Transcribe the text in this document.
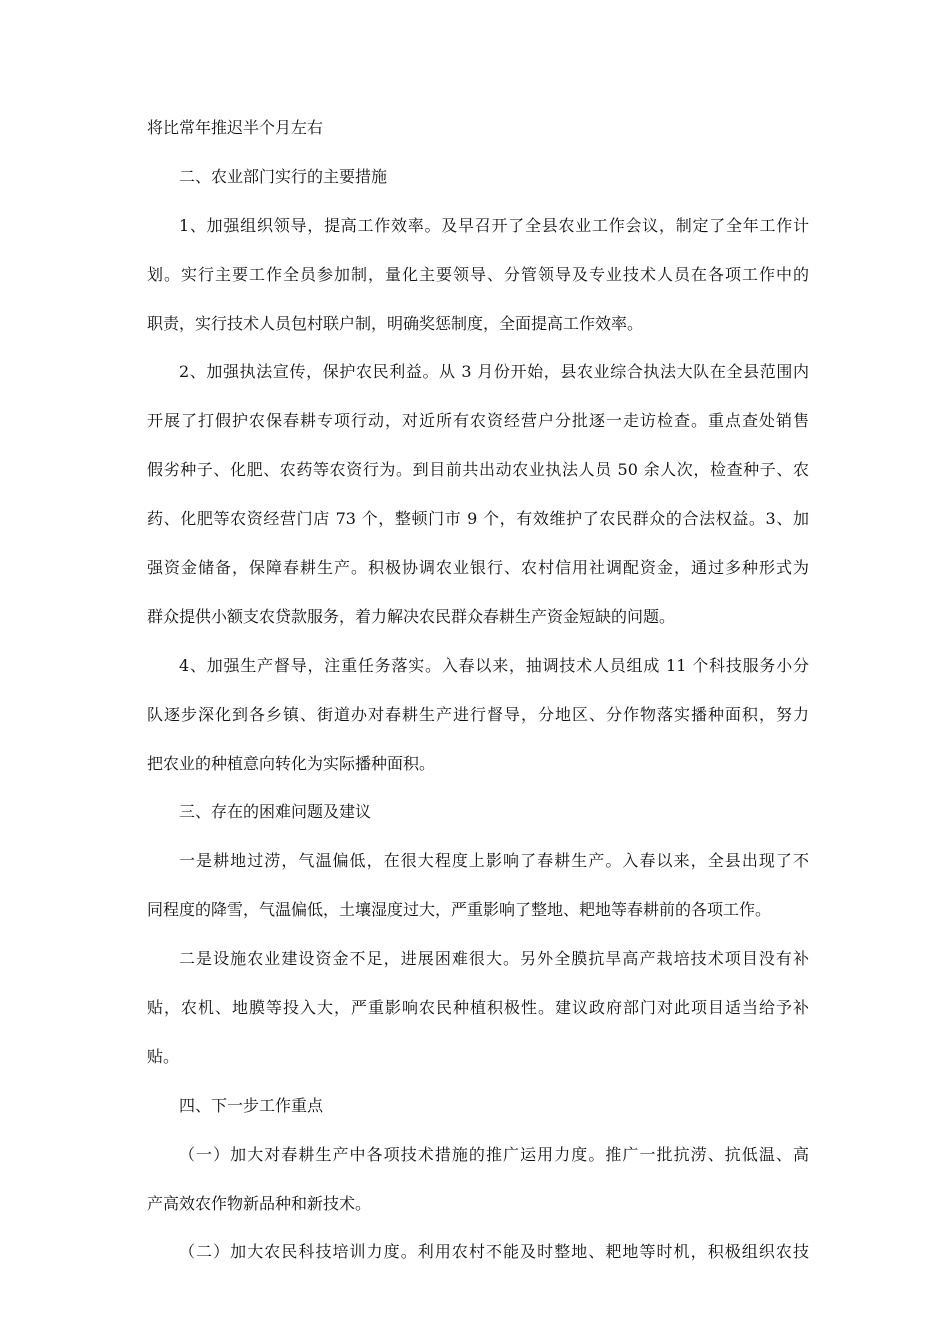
将比常年推迟半个月左右
二、农业部门实行的主要措施
1、加强组织领导，提高工作效率。及早召开了全县农业工作会议，制定了全年工作计
划。实行主要工作全员参加制，量化主要领导、分管领导及专业技术人员在各项工作中的
职责，实行技术人员包村联户制，明确奖惩制度，全面提高工作效率。
2、加强执法宣传，保护农民利益。从 3 月份开始，县农业综合执法大队在全县范围内
开展了打假护农保春耕专项行动，对近所有农资经营户分批逐一走访检查。重点查处销售
假劣种子、化肥、农药等农资行为。到目前共出动农业执法人员 50 余人次，检查种子、农
药、化肥等农资经营门店 73 个，整顿门市 9 个，有效维护了农民群众的合法权益。3、加
强资金储备，保障春耕生产。积极协调农业银行、农村信用社调配资金，通过多种形式为
群众提供小额支农贷款服务，着力解决农民群众春耕生产资金短缺的问题。
4、加强生产督导，注重任务落实。入春以来，抽调技术人员组成 11 个科技服务小分
队逐步深化到各乡镇、街道办对春耕生产进行督导，分地区、分作物落实播种面积，努力
把农业的种植意向转化为实际播种面积。
三、存在的困难问题及建议
一是耕地过涝，气温偏低，在很大程度上影响了春耕生产。入春以来，全县出现了不
同程度的降雪，气温偏低，土壤湿度过大，严重影响了整地、耙地等春耕前的各项工作。
二是设施农业建设资金不足，进展困难很大。另外全膜抗旱高产栽培技术项目没有补
贴，农机、地膜等投入大，严重影响农民种植积极性。建议政府部门对此项目适当给予补
贴。
四、下一步工作重点
（一）加大对春耕生产中各项技术措施的推广运用力度。推广一批抗涝、抗低温、高
产高效农作物新品种和新技术。
（二）加大农民科技培训力度。利用农村不能及时整地、耙地等时机，积极组织农技
